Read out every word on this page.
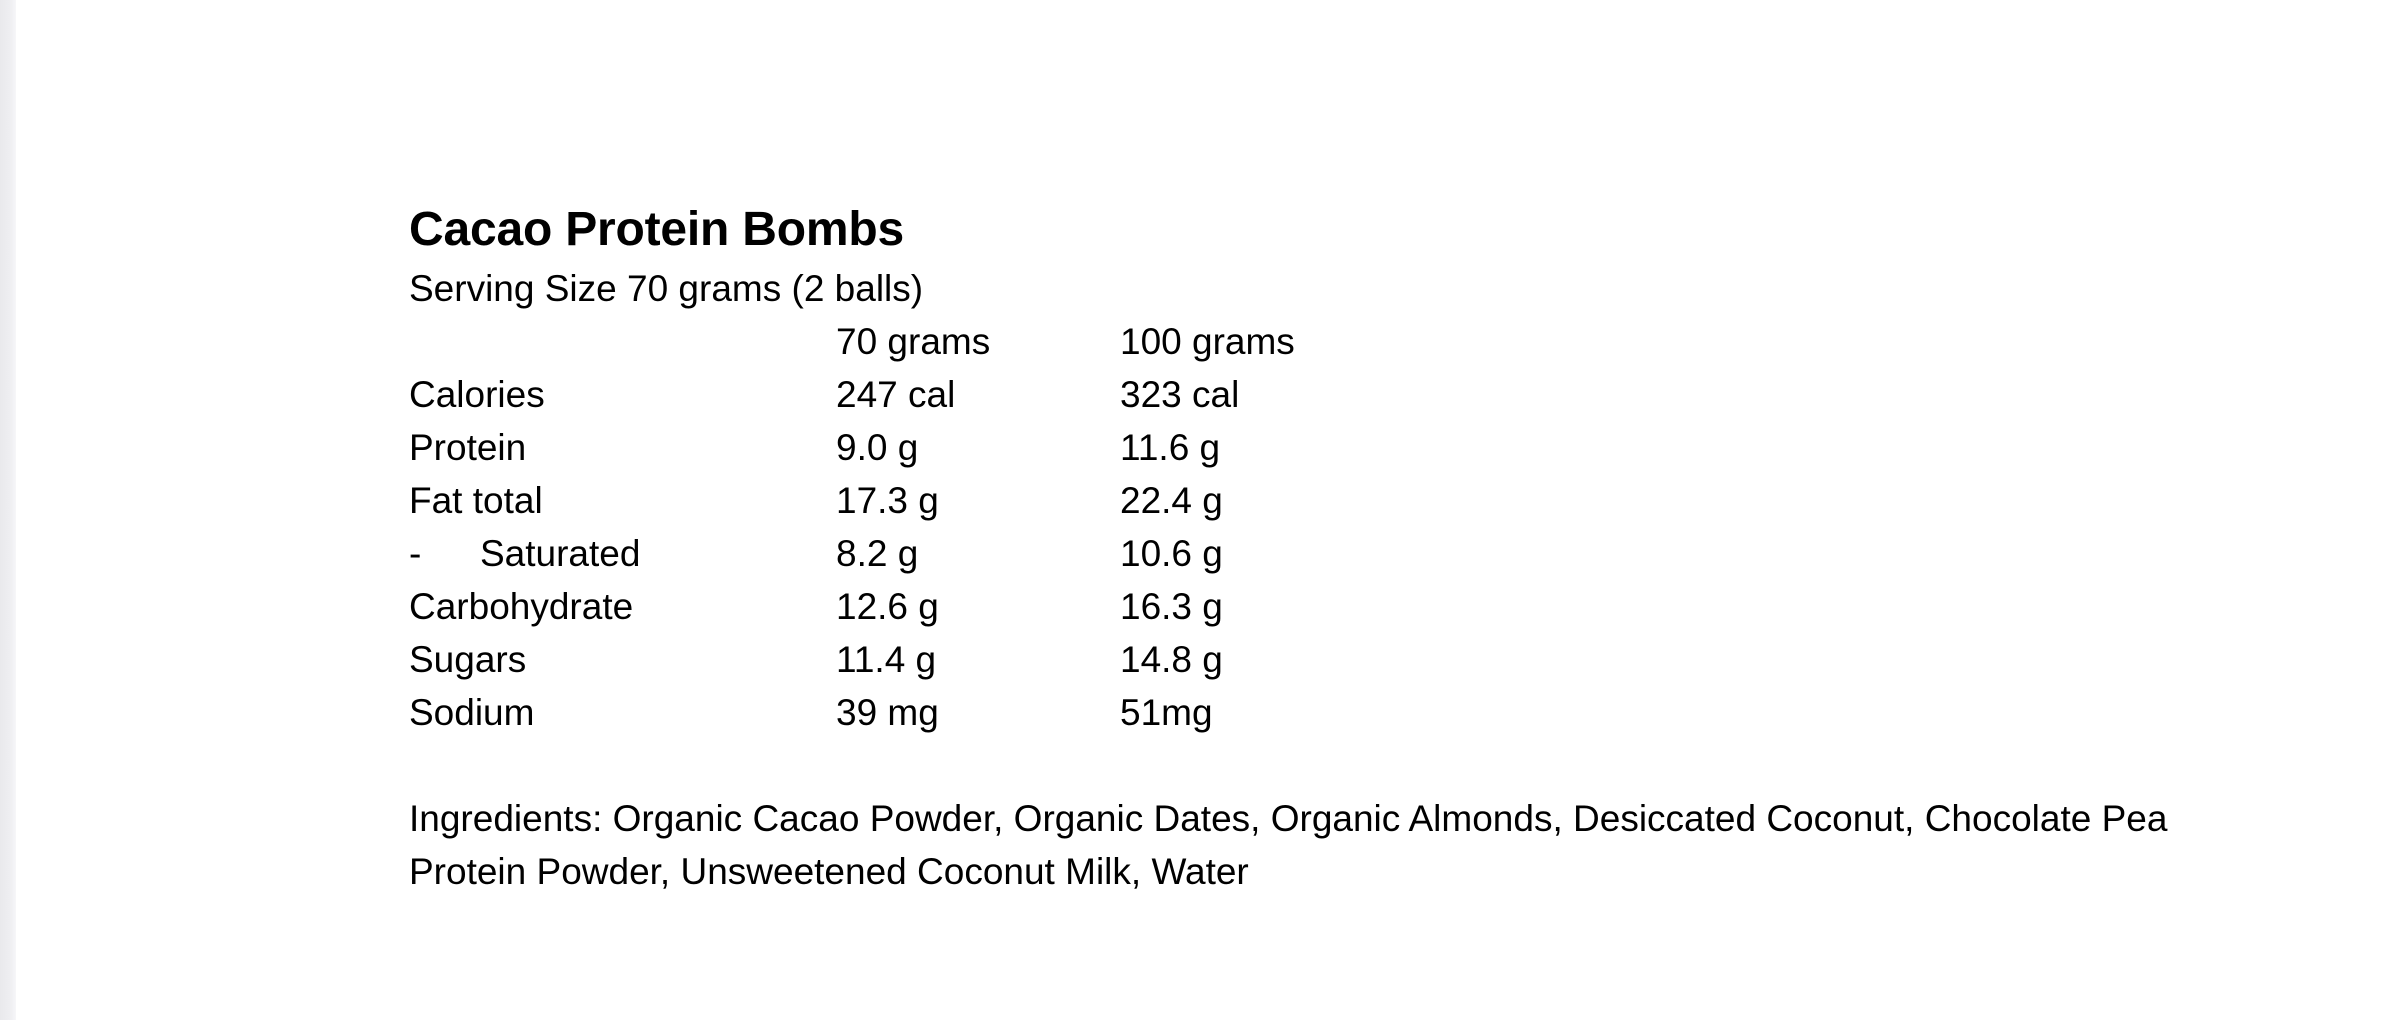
Cacao Protein Bombs

Serving Size 70 grams (2 balls)

	70 grams	100 grams
Calories	247 cal	323 cal
Protein	9.0 g	11.6 g
Fat total	17.3 g	22.4 g
- Saturated	8.2 g	10.6 g
Carbohydrate	12.6 g	16.3 g
Sugars	11.4 g	14.8 g
Sodium	39 mg	51mg

Ingredients: Organic Cacao Powder, Organic Dates, Organic Almonds, Desiccated Coconut, Chocolate Pea Protein Powder, Unsweetened Coconut Milk, Water
